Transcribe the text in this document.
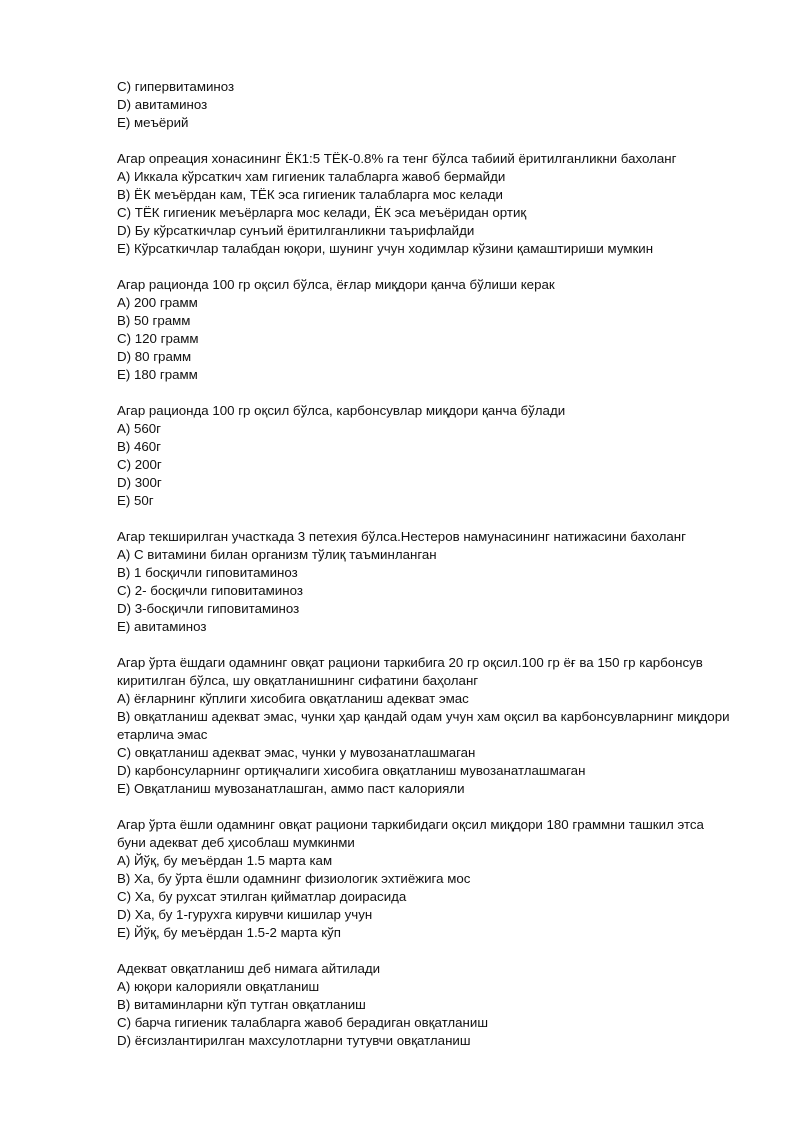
C) гипервитаминоз
D) авитаминоз
E) меъёрий
Агар опреация хонасининг ЁК1:5 ТЁК-0.8% га тенг бўлса табиий ёритилганликни бахоланг
A) Иккала кўрсаткич хам гигиеник талабларга жавоб бермайди
B) ЁК меъёрдан кам, ТЁК эса гигиеник талабларга мос келади
C) ТЁК гигиеник меъёрларга мос келади, ЁК эса меъёридан ортиқ
D) Бу кўрсаткичлар сунъий ёритилганликни таърифлайди
E) Кўрсаткичлар талабдан юқори, шунинг учун ходимлар кўзини қамаштириши мумкин
Агар рационда 100 гр оқсил бўлса, ёғлар миқдори қанча бўлиши керак
A) 200 грамм
B) 50 грамм
C) 120 грамм
D) 80 грамм
E) 180 грамм
Агар рационда 100 гр оқсил бўлса, карбонсувлар миқдори қанча бўлади
A) 560г
B) 460г
C) 200г
D) 300г
E) 50г
Агар текширилган участкада 3 петехия бўлса.Нестеров намунасининг натижасини бахоланг
A) С витамини билан организм тўлиқ таъминланган
B) 1 босқичли гиповитаминоз
C) 2- босқичли гиповитаминоз
D) 3-босқичли гиповитаминоз
E) авитаминоз
Агар ўрта ёшдаги одамнинг овқат рациони таркибига 20 гр оқсил.100 гр ёғ ва 150 гр карбонсув
киритилган бўлса, шу овқатланишнинг сифатини баҳоланг
A) ёғларнинг кўплиги хисобига овқатланиш адекват эмас
B) овқатланиш адекват эмас, чунки ҳар қандай одам учун хам оқсил ва карбонсувларнинг миқдори
етарлича эмас
C) овқатланиш адекват эмас, чунки у мувозанатлашмаган
D) карбонсуларнинг ортиқчалиги хисобига овқатланиш мувозанатлашмаган
E) Овқатланиш мувозанатлашган, аммо паст калорияли
Агар ўрта ёшли одамнинг овқат рациони таркибидаги оқсил миқдори 180 граммни ташкил этса
буни адекват деб ҳисоблаш мумкинми
A) Йўқ, бу меъёрдан 1.5 марта кам
B) Ха, бу ўрта ёшли одамнинг физиологик эхтиёжига мос
C) Ха, бу рухсат этилган қийматлар доирасида
D) Ха, бу 1-гурухга кирувчи кишилар учун
E) Йўқ, бу меъёрдан 1.5-2 марта кўп
Адекват овқатланиш деб нимага айтилади
A) юқори калорияли овқатланиш
B) витаминларни кўп тутган овқатланиш
C) барча гигиеник талабларга жавоб берадиган овқатланиш
D) ёғсизлантирилган махсулотларни тутувчи овқатланиш
